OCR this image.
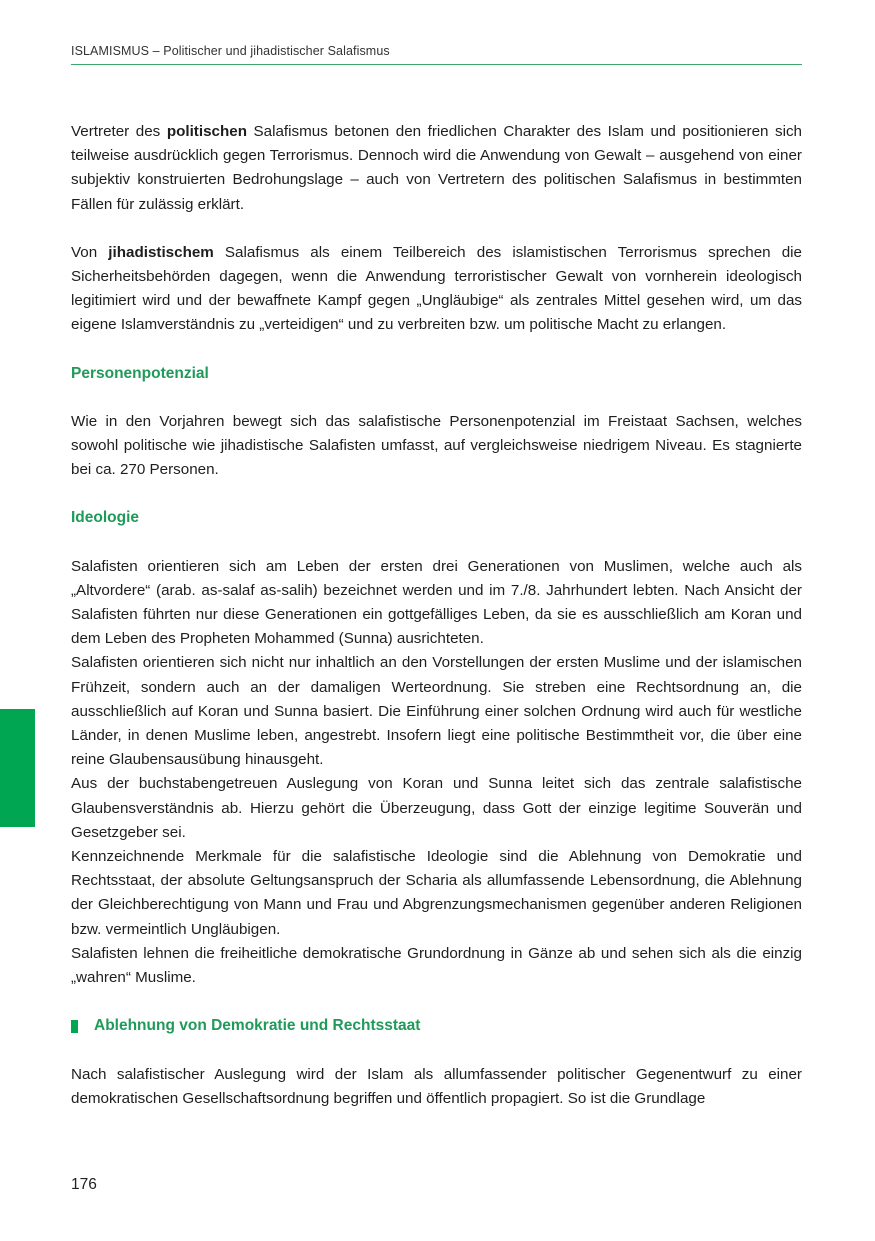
ISLAMISMUS – Politischer und jihadistischer Salafismus

Vertreter des politischen Salafismus betonen den friedlichen Charakter des Islam und positionieren sich teilweise ausdrücklich gegen Terrorismus. Dennoch wird die Anwendung von Gewalt – ausgehend von einer subjektiv konstruierten Bedrohungslage – auch von Vertretern des politischen Salafismus in bestimmten Fällen für zulässig erklärt.

Von jihadistischem Salafismus als einem Teilbereich des islamistischen Terrorismus sprechen die Sicherheitsbehörden dagegen, wenn die Anwendung terroristischer Gewalt von vornherein ideologisch legitimiert wird und der bewaffnete Kampf gegen „Ungläubige“ als zentrales Mittel gesehen wird, um das eigene Islamverständnis zu „verteidigen“ und zu verbreiten bzw. um politische Macht zu erlangen.

Personenpotenzial

Wie in den Vorjahren bewegt sich das salafistische Personenpotenzial im Freistaat Sachsen, welches sowohl politische wie jihadistische Salafisten umfasst, auf vergleichsweise niedrigem Niveau. Es stagnierte bei ca. 270 Personen.

Ideologie

Salafisten orientieren sich am Leben der ersten drei Generationen von Muslimen, welche auch als „Altvordere“ (arab. as-salaf as-salih) bezeichnet werden und im 7./8. Jahrhundert lebten. Nach Ansicht der Salafisten führten nur diese Generationen ein gottgefälliges Leben, da sie es ausschließlich am Koran und dem Leben des Propheten Mohammed (Sunna) ausrichteten.

Salafisten orientieren sich nicht nur inhaltlich an den Vorstellungen der ersten Muslime und der islamischen Frühzeit, sondern auch an der damaligen Werteordnung. Sie streben eine Rechtsordnung an, die ausschließlich auf Koran und Sunna basiert. Die Einführung einer solchen Ordnung wird auch für westliche Länder, in denen Muslime leben, angestrebt. Insofern liegt eine politische Bestimmtheit vor, die über eine reine Glaubensausübung hinausgeht.

Aus der buchstabengetreuen Auslegung von Koran und Sunna leitet sich das zentrale salafistische Glaubensverständnis ab. Hierzu gehört die Überzeugung, dass Gott der einzige legitime Souverän und Gesetzgeber sei.

Kennzeichnende Merkmale für die salafistische Ideologie sind die Ablehnung von Demokratie und Rechtsstaat, der absolute Geltungsanspruch der Scharia als allumfassende Lebensordnung, die Ablehnung der Gleichberechtigung von Mann und Frau und Abgrenzungsmechanismen gegenüber anderen Religionen bzw. vermeintlich Ungläubigen.

Salafisten lehnen die freiheitliche demokratische Grundordnung in Gänze ab und sehen sich als die einzig „wahren“ Muslime.

Ablehnung von Demokratie und Rechtsstaat

Nach salafistischer Auslegung wird der Islam als allumfassender politischer Gegenentwurf zu einer demokratischen Gesellschaftsordnung begriffen und öffentlich propagiert. So ist die Grundlage

176
